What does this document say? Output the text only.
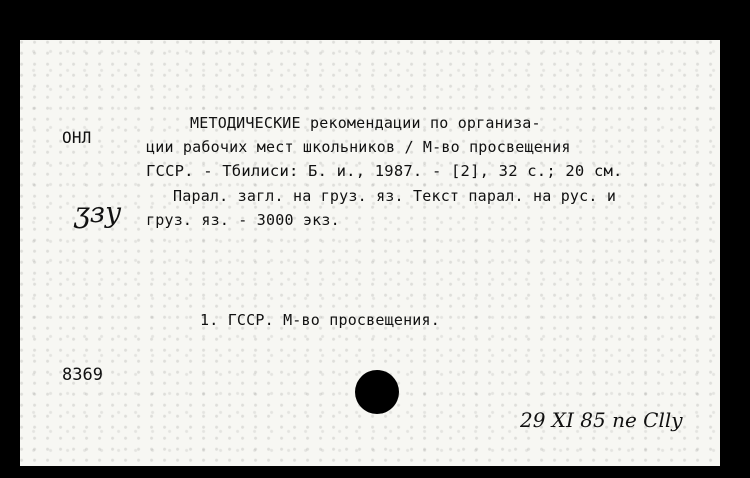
ОНЛ
ӡзу
МЕТОДИЧЕСКИЕ рекомендации по организа-
ции рабочих мест школьников / М-во просвещения
ГССР. - Тбилиси: Б. и., 1987. - [2], 32 с.; 20 см.
Парал. загл. на груз. яз. Текст парал. на рус. и
груз. яз. - 3000 экз.
1. ГССР. М-во просвещения.
8369
29 XI 85 ne Clly
